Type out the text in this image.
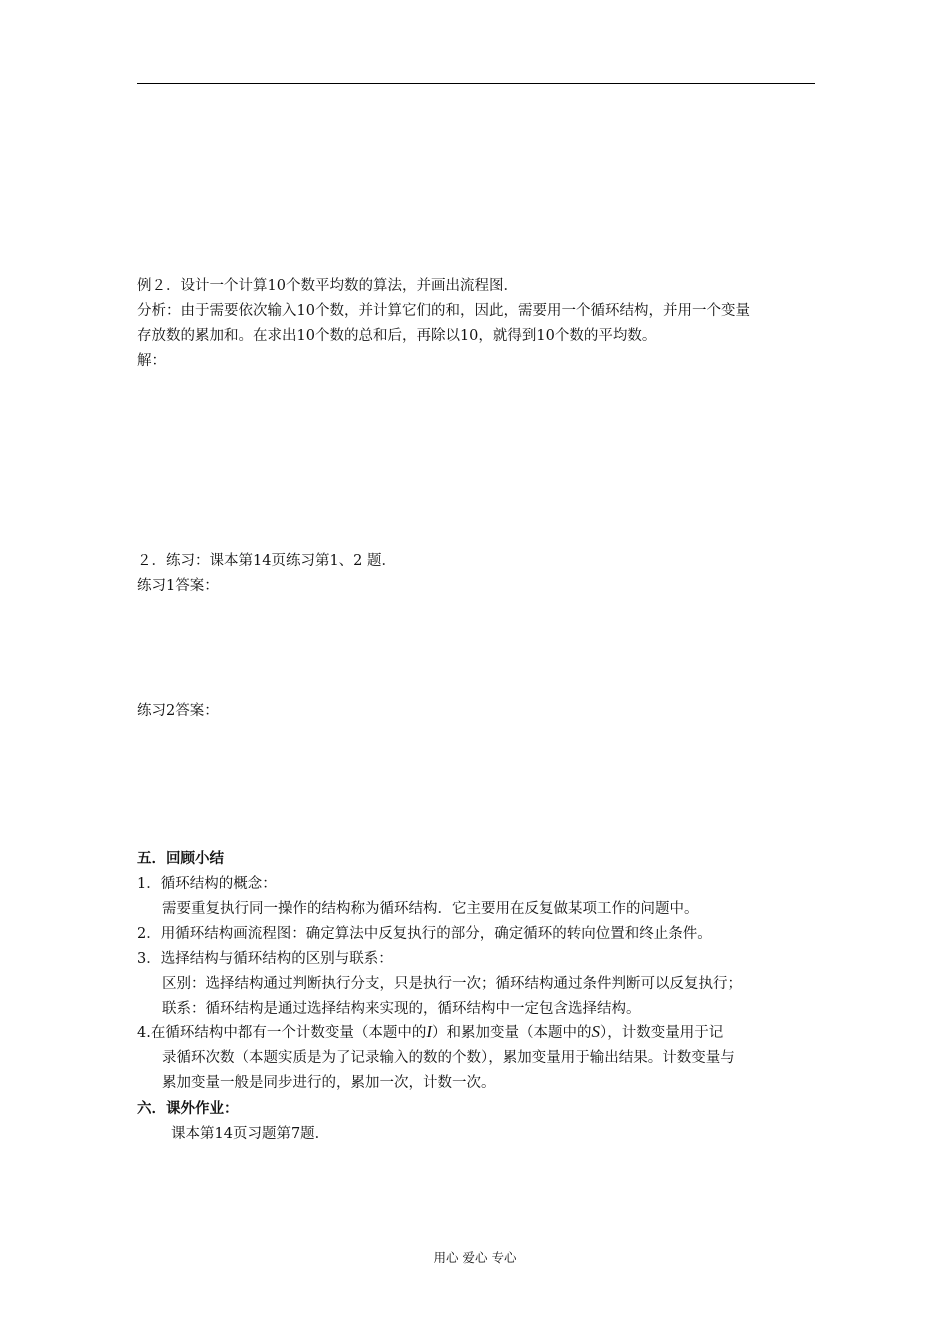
例２．设计一个计算10个数平均数的算法，并画出流程图．
分析：由于需要依次输入10个数，并计算它们的和，因此，需要用一个循环结构，并用一个变量
存放数的累加和。在求出10个数的总和后，再除以10，就得到10个数的平均数。
解：
２．练习：课本第14页练习第1、2 题．
练习1答案：
练习2答案：
五．回顾小结
1．循环结构的概念：
需要重复执行同一操作的结构称为循环结构．它主要用在反复做某项工作的问题中。
2．用循环结构画流程图：确定算法中反复执行的部分，确定循环的转向位置和终止条件。
3．选择结构与循环结构的区别与联系：
区别：选择结构通过判断执行分支，只是执行一次；循环结构通过条件判断可以反复执行；
联系：循环结构是通过选择结构来实现的，循环结构中一定包含选择结构。
4.在循环结构中都有一个计数变量（本题中的I）和累加变量（本题中的S），计数变量用于记
录循环次数（本题实质是为了记录输入的数的个数），累加变量用于输出结果。计数变量与
累加变量一般是同步进行的，累加一次，计数一次。
六．课外作业：
课本第14页习题第7题．
用心 爱心 专心
